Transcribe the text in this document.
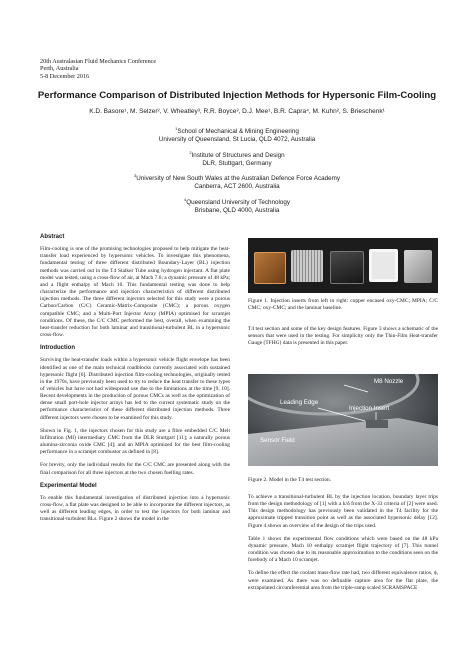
20th Australasian Fluid Mechanics Conference
Perth, Australia
5-8 December 2016
Performance Comparison of Distributed Injection Methods for Hypersonic Film-Cooling
K.D. Basore¹, M. Selzer², V. Wheatley³, R.R. Boyce³, D.J. Mee¹, B.R. Capra⁴, M. Kuhn², S. Brieschenk¹
$^1$School of Mechanical & Mining Engineering
University of Queensland, St Lucia, QLD 4072, Australia
$^2$Institute of Structures and Design
DLR, Stuttgart, Germany
$^3$University of New South Wales at the Australian Defence Force Academy
Canberra, ACT 2600, Australia
$^4$Queensland University of Technology
Brisbane, QLD 4000, Australia
Abstract

Film-cooling is one of the promising technologies proposed to help mitigate the heat-transfer load experienced by hypersonic vehicles. To investigate this phenomena, fundamental testing of three different distributed Boundary-Layer (BL) injection methods was carried out in the T4 Stalker Tube using hydrogen injectant. A flat plate model was tested, using a cross-flow of air, at Mach 7.6; a dynamic pressure of 48 kPa; and a flight enthalpy of Mach 10. This fundamental testing was done to help characterize the performance and injection characteristics of different distributed injection methods. The three different injectors selected for this study were a porous Carbon/Carbon (C/C) Ceramic-Matrix-Composite (CMC); a porous oxygen compatible CMC; and a Multi-Port Injector Array (MPIA) optimised for scramjet conditions. Of these, the C/C CMC performed the best, overall, when examining the heat-transfer reduction for both laminar and transitional-turbulent BL in a hypersonic cross-flow.

Introduction

Surviving the heat-transfer loads within a hypersonic vehicle flight envelope has been identified as one of the main technical roadblocks currently associated with sustained hypersonic flight [6]. Distributed injection film-cooling technologies, originally tested in the 1970s, have previously been used to try to reduce the heat transfer to these types of vehicles but have not had widespread use due to the limitations at the time [9, 10]. Recent developments in the production of porous CMCs as well as the optimization of dense small port-hole injector arrays has led to the current systematic study on the performance characteristics of these different distributed injection methods. Three different injectors were chosen to be examined for this study.

Shown in Fig. 1, the injectors chosen for this study are a fibre embedded C/C Melt Infiltration (MI) intermediary CMC from the DLR Stuttgart [11]; a naturally porous alumina-zirconia oxide CMC [4]; and an MPIA optimized for the best film-cooling performance in a scramjet combustor as defined in [8].

For brevity, only the individual results for the C/C CMC are presented along with the final comparison for all three injectors at the two chosen fuelling rates.

Experimental Model

To enable this fundamental investigation of distributed injection into a hypersonic cross-flow, a flat plate was designed to be able to incorporate the different injectors, as well as different leading edges, in order to test the injectors for both laminar and transitional-turbulent BLs. Figure 2 shows the model in the

Figure 1. Injection inserts from left to right: copper encased oxy-CMC; MPIA; C/C CMC; oxy-CMC; and the laminar baseline.
T4 test section and some of the key design features. Figure 3 shows a schematic of the sensors that were used in the testing. For simplicity only the Thin-Film Heat-transfer Gauge (TFHG) data is presented in this paper.
M8 Nozzle
Leading Edge
Injection Insert
Sensor Field
Figure 2. Model in the T4 test section.

To achieve a transitional-turbulent BL by the injection location, boundary layer trips from the design methodology of [1] with a k/δ from the X-33 criteria of [2] were used. This design methodology has previously been validated in the T4 facility for the approximate tripped transition point as well as the associated hypersonic delay [12]. Figure 4 shows an overview of the design of the trips used.

Table 1 shows the experimental flow conditions which were based on the 48 kPa dynamic pressure, Mach 10 enthalpy scramjet flight trajectory of [7]. This tunnel condition was chosen due to its reasonable approximation to the conditions seen on the forebody of a Mach 10 scramjet.

To define the effect the coolant mass-flow rate had, two different equivalence ratios, ϕ, were examined. As there was no definable capture area for the flat plate, the extrapolated circumferential area from the triple-ramp scaled SCRAMSPACE
